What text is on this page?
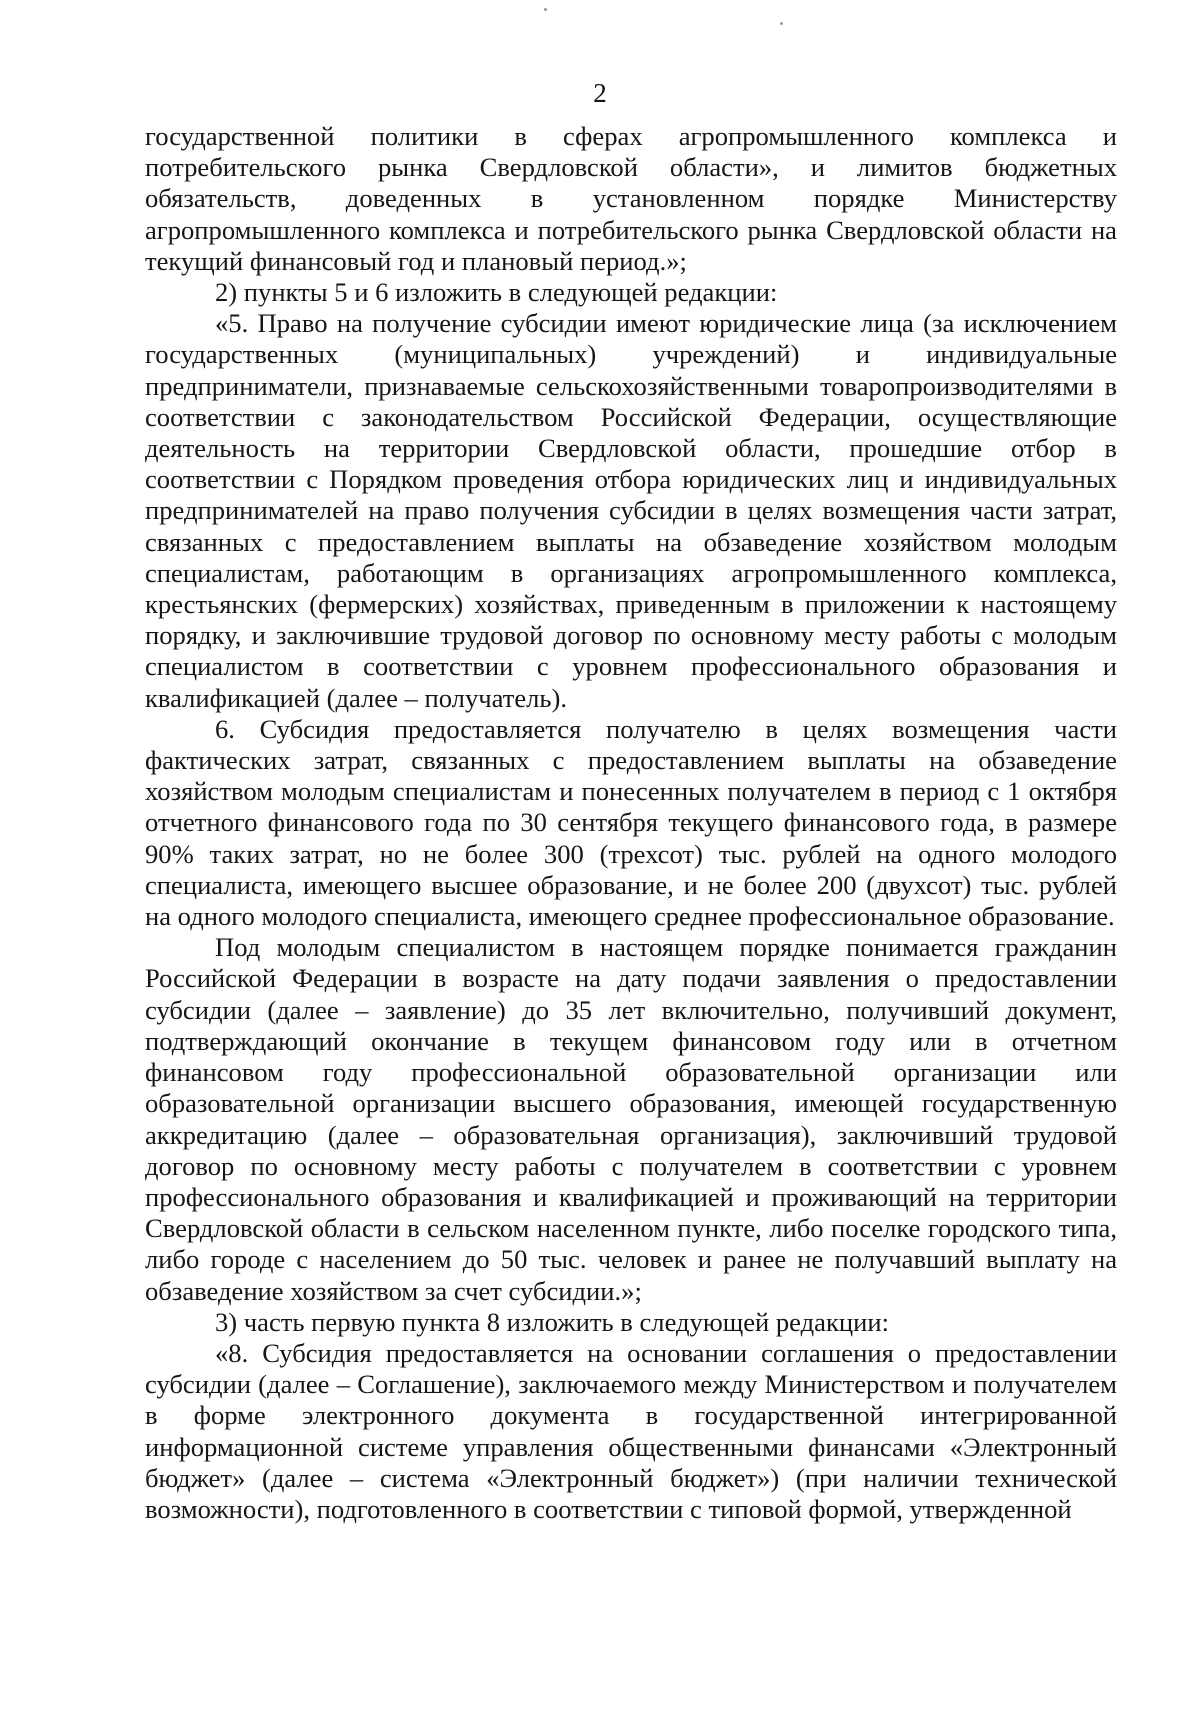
2

государственной политики в сферах агропромышленного комплекса и потребительского рынка Свердловской области», и лимитов бюджетных обязательств, доведенных в установленном порядке Министерству агропромышленного комплекса и потребительского рынка Свердловской области на текущий финансовый год и плановый период.»;

2) пункты 5 и 6 изложить в следующей редакции:

«5. Право на получение субсидии имеют юридические лица (за исключением государственных (муниципальных) учреждений) и индивидуальные предприниматели, признаваемые сельскохозяйственными товаропроизводителями в соответствии с законодательством Российской Федерации, осуществляющие деятельность на территории Свердловской области, прошедшие отбор в соответствии с Порядком проведения отбора юридических лиц и индивидуальных предпринимателей на право получения субсидии в целях возмещения части затрат, связанных с предоставлением выплаты на обзаведение хозяйством молодым специалистам, работающим в организациях агропромышленного комплекса, крестьянских (фермерских) хозяйствах, приведенным в приложении к настоящему порядку, и заключившие трудовой договор по основному месту работы с молодым специалистом в соответствии с уровнем профессионального образования и квалификацией (далее – получатель).

6. Субсидия предоставляется получателю в целях возмещения части фактических затрат, связанных с предоставлением выплаты на обзаведение хозяйством молодым специалистам и понесенных получателем в период с 1 октября отчетного финансового года по 30 сентября текущего финансового года, в размере 90% таких затрат, но не более 300 (трехсот) тыс. рублей на одного молодого специалиста, имеющего высшее образование, и не более 200 (двухсот) тыс. рублей на одного молодого специалиста, имеющего среднее профессиональное образование.

Под молодым специалистом в настоящем порядке понимается гражданин Российской Федерации в возрасте на дату подачи заявления о предоставлении субсидии (далее – заявление) до 35 лет включительно, получивший документ, подтверждающий окончание в текущем финансовом году или в отчетном финансовом году профессиональной образовательной организации или образовательной организации высшего образования, имеющей государственную аккредитацию (далее – образовательная организация), заключивший трудовой договор по основному месту работы с получателем в соответствии с уровнем профессионального образования и квалификацией и проживающий на территории Свердловской области в сельском населенном пункте, либо поселке городского типа, либо городе с населением до 50 тыс. человек и ранее не получавший выплату на обзаведение хозяйством за счет субсидии.»;

3) часть первую пункта 8 изложить в следующей редакции:

«8. Субсидия предоставляется на основании соглашения о предоставлении субсидии (далее – Соглашение), заключаемого между Министерством и получателем в форме электронного документа в государственной интегрированной информационной системе управления общественными финансами «Электронный бюджет» (далее – система «Электронный бюджет») (при наличии технической возможности), подготовленного в соответствии с типовой формой, утвержденной
